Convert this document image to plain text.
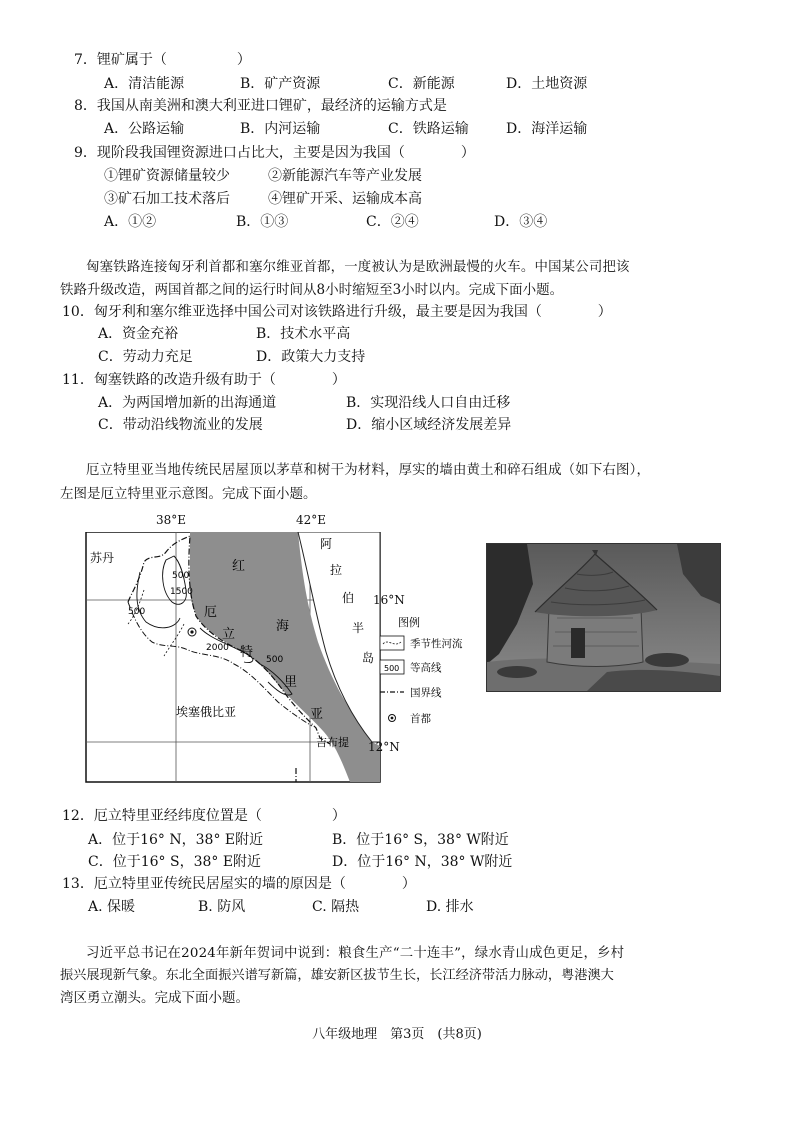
7．锂矿属于（　　　　　）
A．清洁能源	B．矿产资源	C．新能源	D．土地资源
8．我国从南美洲和澳大利亚进口锂矿，最经济的运输方式是
A．公路运输	B．内河运输	C．铁路运输	D．海洋运输
9．现阶段我国锂资源进口占比大，主要是因为我国（　　　　）
①锂矿资源储量较少	②新能源汽车等产业发展
③矿石加工技术落后	④锂矿开采、运输成本高
A．①②	B．①③	C．②④	D．③④
匈塞铁路连接匈牙利首都和塞尔维亚首都，一度被认为是欧洲最慢的火车。中国某公司把该
铁路升级改造，两国首都之间的运行时间从8小时缩短至3小时以内。完成下面小题。
10．匈牙利和塞尔维亚选择中国公司对该铁路进行升级，最主要是因为我国（　　　　）
A．资金充裕	B．技术水平高
C．劳动力充足	D．政策大力支持
11．匈塞铁路的改造升级有助于（　　　　）
A．为两国增加新的出海通道	B．实现沿线人口自由迁移
C．带动沿线物流业的发展	D．缩小区域经济发展差异
厄立特里亚当地传统民居屋顶以茅草和树干为材料，厚实的墙由黄土和碎石组成（如下右图），
左图是厄立特里亚示意图。完成下面小题。
苏丹
埃塞俄比亚
吉布提
红
海
阿
拉
伯
半
岛
厄
立
特
里
亚
500
1500
500
2000
500
图例
季节性河流
500 等高线
国界线
首都
38°E	42°E
16°N
12°N
12．厄立特里亚经纬度位置是（　　　　　）
A．位于16° N，38° E附近	B．位于16° S，38° W附近
C．位于16° S，38° E附近	D．位于16° N，38° W附近
13．厄立特里亚传统民居屋实的墙的原因是（　　　　）
A. 保暖	B. 防风	C. 隔热	D. 排水
习近平总书记在2024年新年贺词中说到：粮食生产“二十连丰”，绿水青山成色更足，乡村
振兴展现新气象。东北全面振兴谱写新篇，雄安新区拔节生长，长江经济带活力脉动，粤港澳大
湾区勇立潮头。完成下面小题。
八年级地理　第3页　(共8页)
